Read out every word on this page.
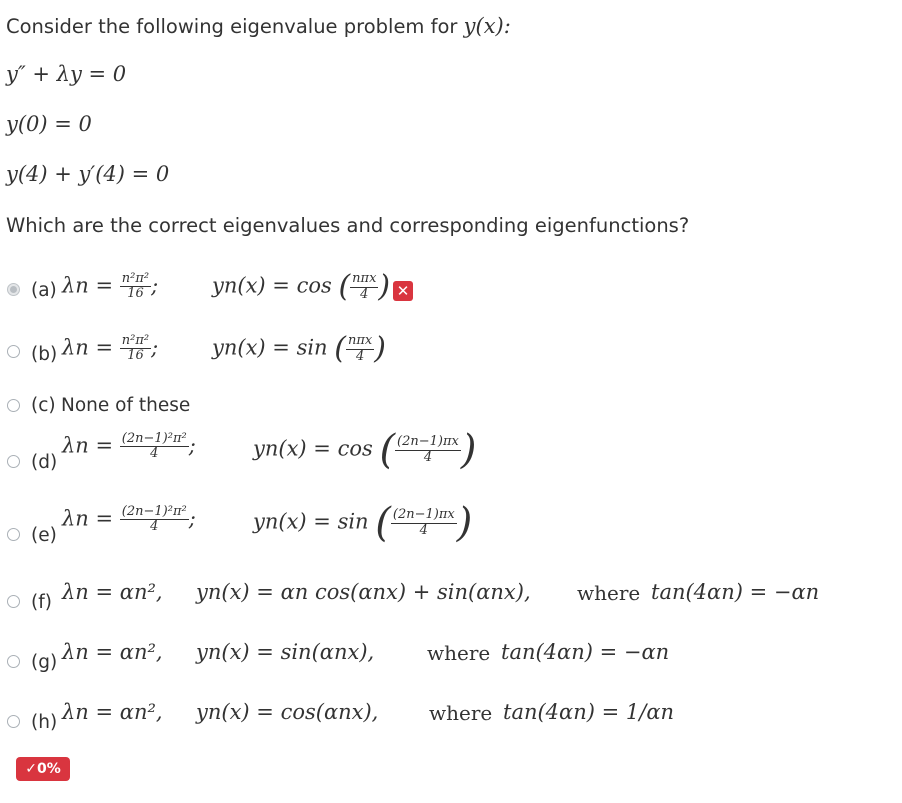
Consider the following eigenvalue problem for y(x):
y″ + λy = 0
y(0) = 0
y(4) + y′(4) = 0
Which are the correct eigenvalues and corresponding eigenfunctions?
(a) $\lambda n = \frac{\text{n²π²}}{16}$ ;	yn(x) = cos ( $\frac{\text{nπx}}{4}$ ) ✕
(b) $\lambda n = \frac{\text{n²π²}}{16}$ ;	yn(x) = sin ( $\frac{\text{nπx}}{4}$ )
(c) None of these
(d)
$\lambda n = \frac{\text{(2n−1)²π²}}{4}$ ;	yn(x) = cos ( $\frac{(2n-1)\pi x}{4}$ )
(e)
$\lambda n = \frac{\text{(2n−1)²π²}}{4}$ ;	yn(x) = sin ( $\frac{(2n-1)\pi x}{4}$ )
(f) λn = αn², yn(x) = αn cos(αnx) + sin(αnx), where tan(4αn) = −αn
(g) λn = αn², yn(x) = sin(αnx),	where tan(4αn) = −αn
(h) λn = αn², yn(x) = cos(αnx),	where tan(4αn) = 1/αn
✓0%
